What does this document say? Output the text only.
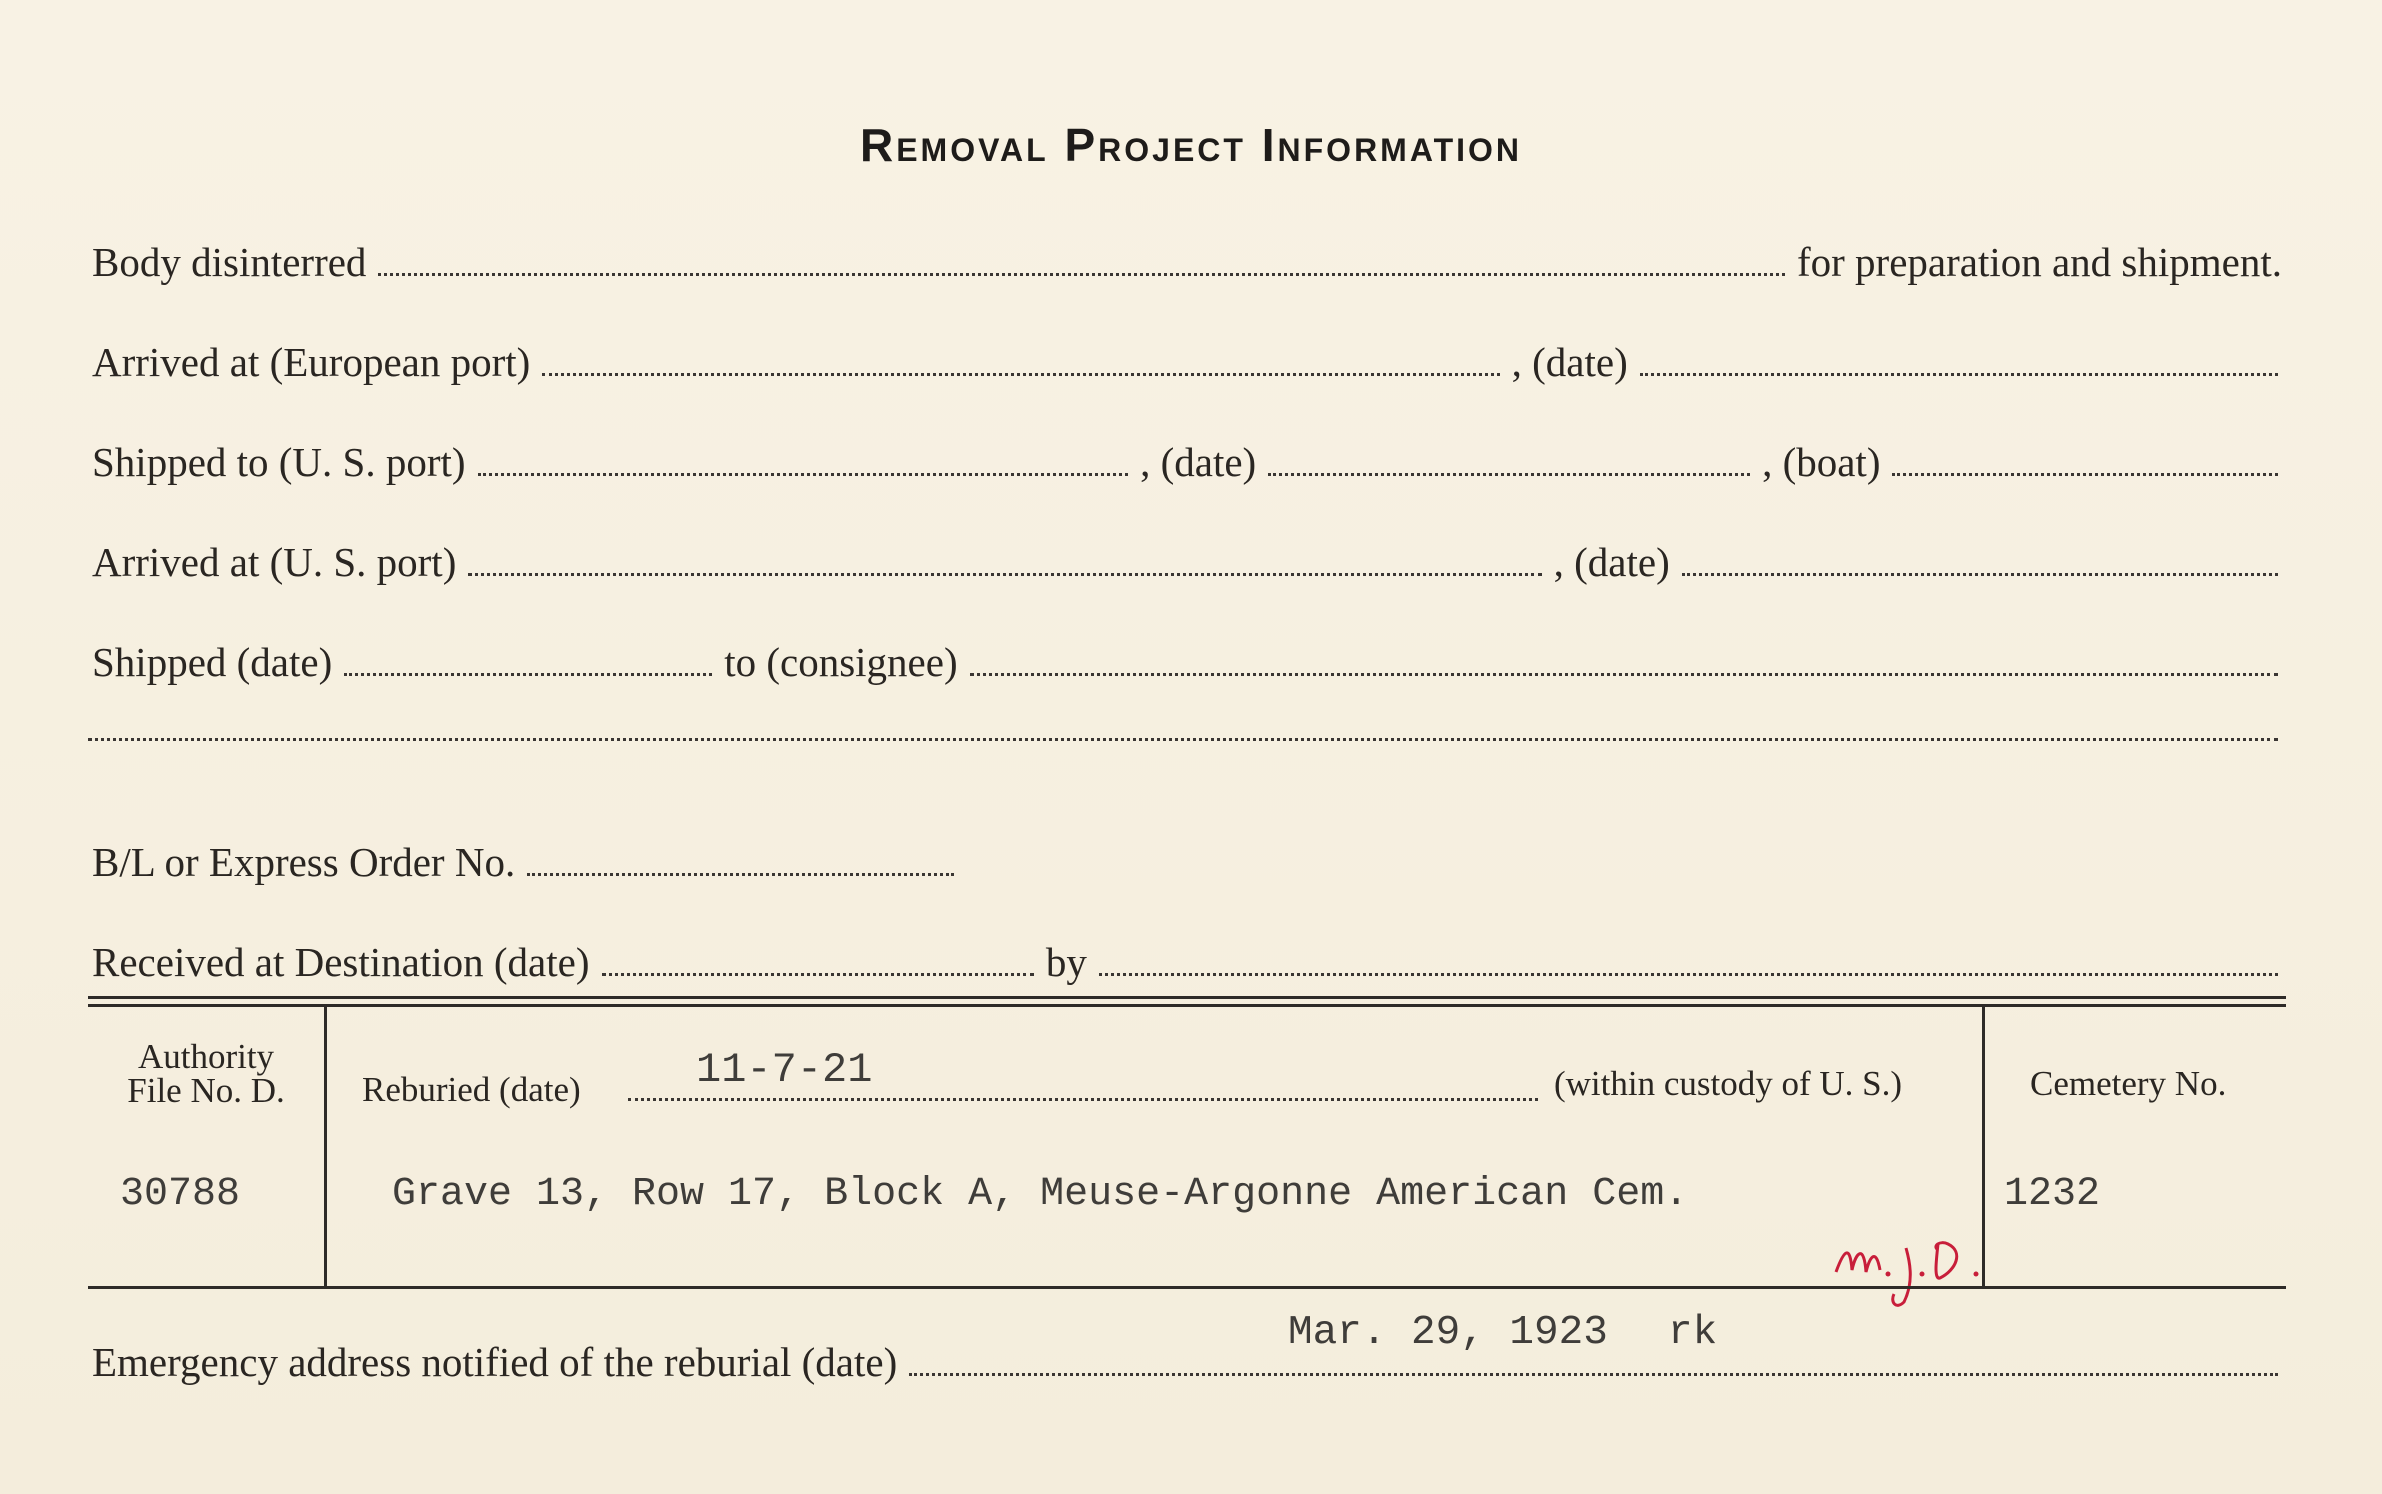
Removal Project Information
Body disinterred	for preparation and shipment.
Arrived at (European port)	, (date)
Shipped to (U. S. port)	, (date)	, (boat)
Arrived at (U. S. port)	, (date)
Shipped (date)	to (consignee)
B/L or Express Order No.
Received at Destination (date)	by
Authority
File No. D.	Reburied (date)	11-7-21	(within custody of U. S.)	Cemetery No.
30788	Grave 13, Row 17, Block A, Meuse-Argonne American Cem.	1232
Emergency address notified of the reburial (date)
Mar. 29, 1923 rk
